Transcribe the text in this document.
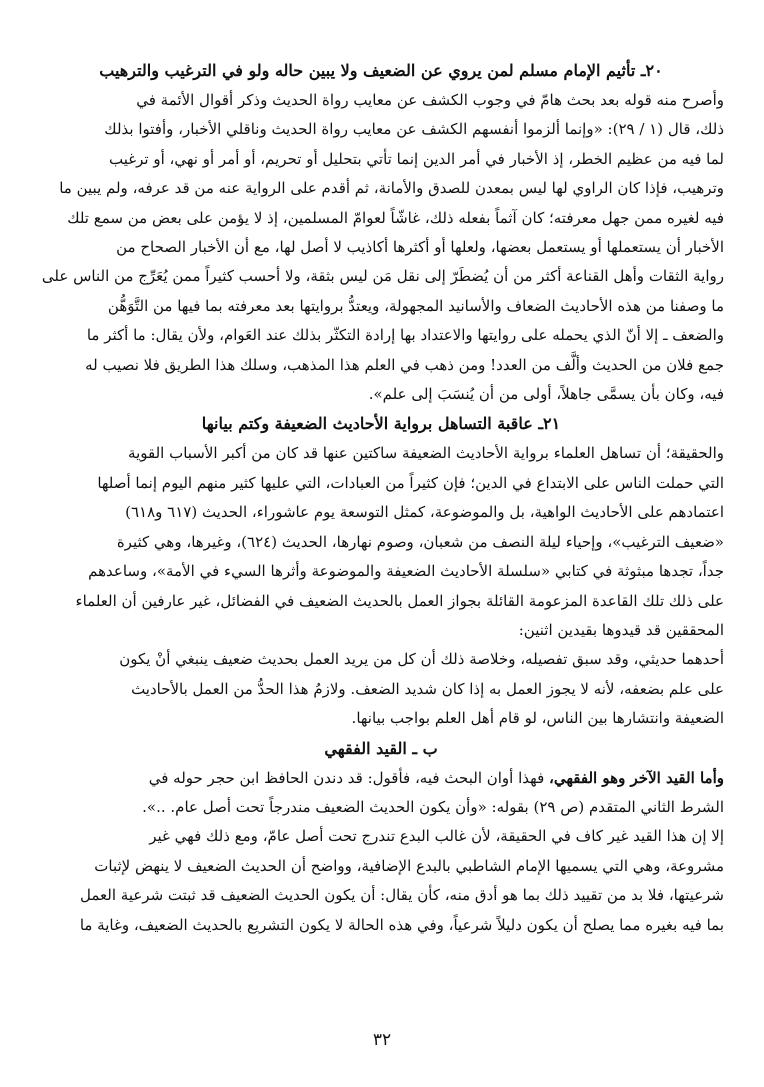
٢٠ـ تأثيم الإمام مسلم لمن يروي عن الضعيف ولا يبين حاله ولو في الترغيب والترهيب
وأصرح منه قوله بعد بحث هامّ في وجوب الكشف عن معايب رواة الحديث وذكر أقوال الأئمة في
ذلك، قال (١ / ٢٩): «وإنما ألزموا أنفسهم الكشف عن معايب رواة الحديث وناقلي الأخبار، وأفتوا بذلك
لما فيه من عظيم الخطر، إذ الأخبار في أمر الدين إنما تأتي بتحليل أو تحريم، أو أمر أو نهي، أو ترغيب
وترهيب، فإذا كان الراوي لها ليس بمعدن للصدق والأمانة، ثم أقدم على الرواية عنه من قد عرفه، ولم يبين ما
فيه لغيره ممن جهل معرفته؛ كان آثماً بفعله ذلك، غاشّاً لعوامّ المسلمين، إذ لا يؤمن على بعض من سمع تلك
الأخبار أن يستعملها أو يستعمل بعضها، ولعلها أو أكثرها أكاذيب لا أصل لها، مع أن الأخبار الصحاح من
رواية الثقات وأهل القناعة أكثر من أن يُضطَرّ إلى نقل مَن ليس بثقة، ولا أحسب كثيراً ممن يُعَرِّج من الناس على
ما وصفنا من هذه الأحاديث الضعاف والأسانيد المجهولة، ويعتدُّ بروايتها بعد معرفته بما فيها من التَّوَهُّن
والضعف ـ إلا أنّ الذي يحمله على روايتها والاعتداد بها إرادة التكثّر بذلك عند العَوام، ولأن يقال: ما أكثر ما
جمع فلان من الحديث وألَّف من العدد! ومن ذهب في العلم هذا المذهب، وسلك هذا الطريق فلا نصيب له
فيه، وكان بأن يسمَّى جاهلاً، أولى من أن يُنسَبَ إلى علم».
٢١ـ عاقبة التساهل برواية الأحاديث الضعيفة وكتم بيانها
والحقيقة؛ أن تساهل العلماء برواية الأحاديث الضعيفة ساكتين عنها قد كان من أكبر الأسباب القوية
التي حملت الناس على الابتداع في الدين؛ فإن كثيراً من العبادات، التي عليها كثير منهم اليوم إنما أصلها
اعتمادهم على الأحاديث الواهية، بل والموضوعة، كمثل التوسعة يوم عاشوراء، الحديث (٦١٧ و٦١٨)
«ضعيف الترغيب»، وإحياء ليلة النصف من شعبان، وصوم نهارها، الحديث (٦٢٤)، وغيرها، وهي كثيرة
جداً، تجدها مبثوثة في كتابي «سلسلة الأحاديث الضعيفة والموضوعة وأثرها السيء في الأمة»، وساعدهم
على ذلك تلك القاعدة المزعومة القائلة بجواز العمل بالحديث الضعيف في الفضائل، غير عارفين أن العلماء
المحققين قد قيدوها بقيدين اثنين:
أحدهما حديثي، وقد سبق تفصيله، وخلاصة ذلك أن كل من يريد العمل بحديث ضعيف ينبغي أنْ يكون
على علم بضعفه، لأنه لا يجوز العمل به إذا كان شديد الضعف. ولازمُ هذا الحدُّ من العمل بالأحاديث
الضعيفة وانتشارها بين الناس، لو قام أهل العلم بواجب بيانها.
ب ـ القيد الفقهي
وأما القيد الآخر وهو الفقهي، فهذا أوان البحث فيه، فأقول: قد دندن الحافظ ابن حجر حوله في
الشرط الثاني المتقدم (ص ٢٩) بقوله: «وأن يكون الحديث الضعيف مندرجاً تحت أصل عام. ..».
إلا إن هذا القيد غير كاف في الحقيقة، لأن غالب البدع تندرج تحت أصل عامّ، ومع ذلك فهي غير
مشروعة، وهي التي يسميها الإمام الشاطبي بالبدع الإضافية، وواضح أن الحديث الضعيف لا ينهض لإثبات
شرعيتها، فلا بد من تقييد ذلك بما هو أدق منه، كأن يقال: أن يكون الحديث الضعيف قد ثبتت شرعية العمل
بما فيه بغيره مما يصلح أن يكون دليلاً شرعياً، وفي هذه الحالة لا يكون التشريع بالحديث الضعيف، وغاية ما
٣٢
